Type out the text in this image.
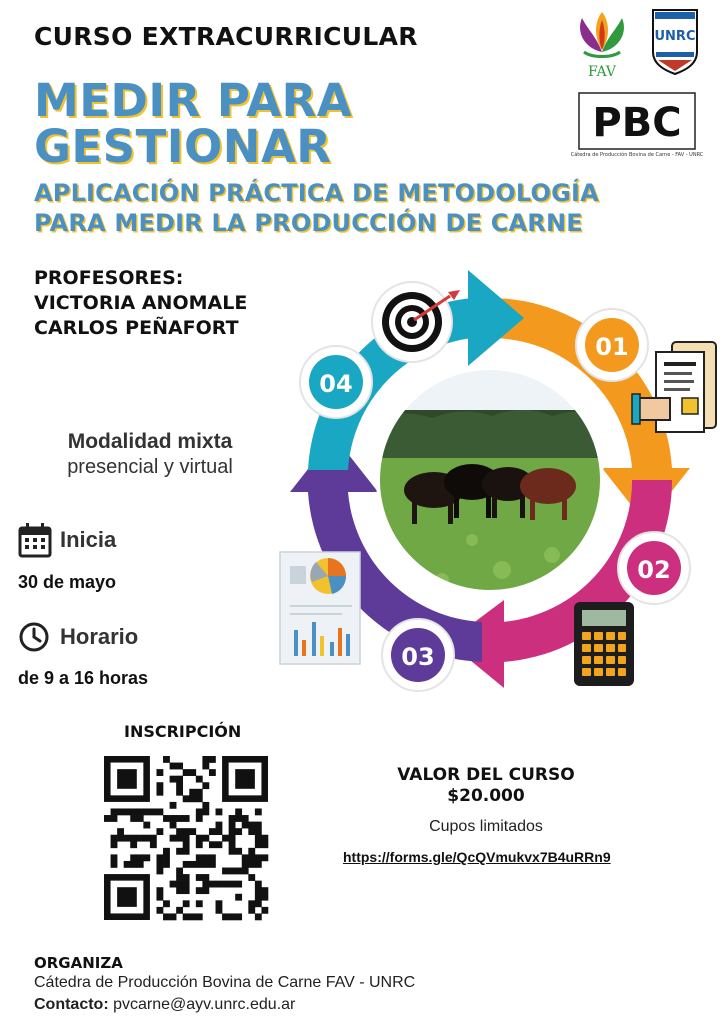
CURSO EXTRACURRICULAR
MEDIR PARA
GESTIONAR
APLICACIÓN PRÁCTICA DE METODOLOGÍA
PARA MEDIR LA PRODUCCIÓN DE CARNE
FAV
UNRC
PBC
Cátedra de Producción Bovina de Carne - FAV - UNRC
PROFESORES:
VICTORIA ANOMALE
CARLOS PEÑAFORT
Modalidad mixta
presencial y virtual
Inicia
30 de mayo
Horario
de 9 a 16 horas
01
02
03
04
INSCRIPCIÓN
VALOR DEL CURSO
$20.000
Cupos limitados
https://forms.gle/QcQVmukvx7B4uRRn9
ORGANIZA
Cátedra de Producción Bovina de Carne FAV - UNRC
Contacto: pvcarne@ayv.unrc.edu.ar
